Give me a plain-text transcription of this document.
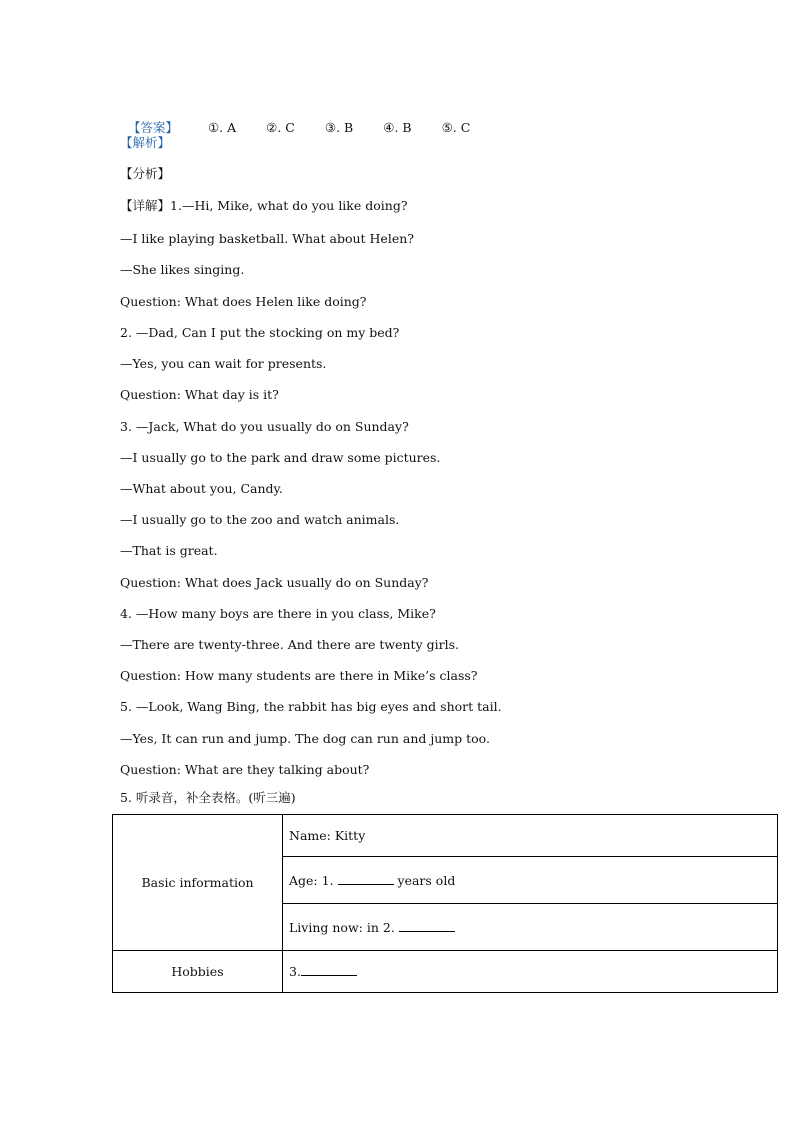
【答案】 ①. A ②. C ③. B ④. B ⑤. C

【解析】
【分析】
【详解】1.—Hi, Mike, what do you like doing?
—I like playing basketball. What about Helen?
—She likes singing.
Question: What does Helen like doing?
2. —Dad, Can I put the stocking on my bed?
—Yes, you can wait for presents.
Question: What day is it?
3. —Jack, What do you usually do on Sunday?
—I usually go to the park and draw some pictures.
—What about you, Candy.
—I usually go to the zoo and watch animals.
—That is great.
Question: What does Jack usually do on Sunday?
4. —How many boys are there in you class, Mike?
—There are twenty-three. And there are twenty girls.
Question: How many students are there in Mike’s class?
5. —Look, Wang Bing, the rabbit has big eyes and short tail.
—Yes, It can run and jump. The dog can run and jump too.
Question: What are they talking about?
5. 听录音，补全表格。(听三遍)
Basic information	Name: Kitty
	Age: 1. years old
	Living now: in 2.
Hobbies	3.
